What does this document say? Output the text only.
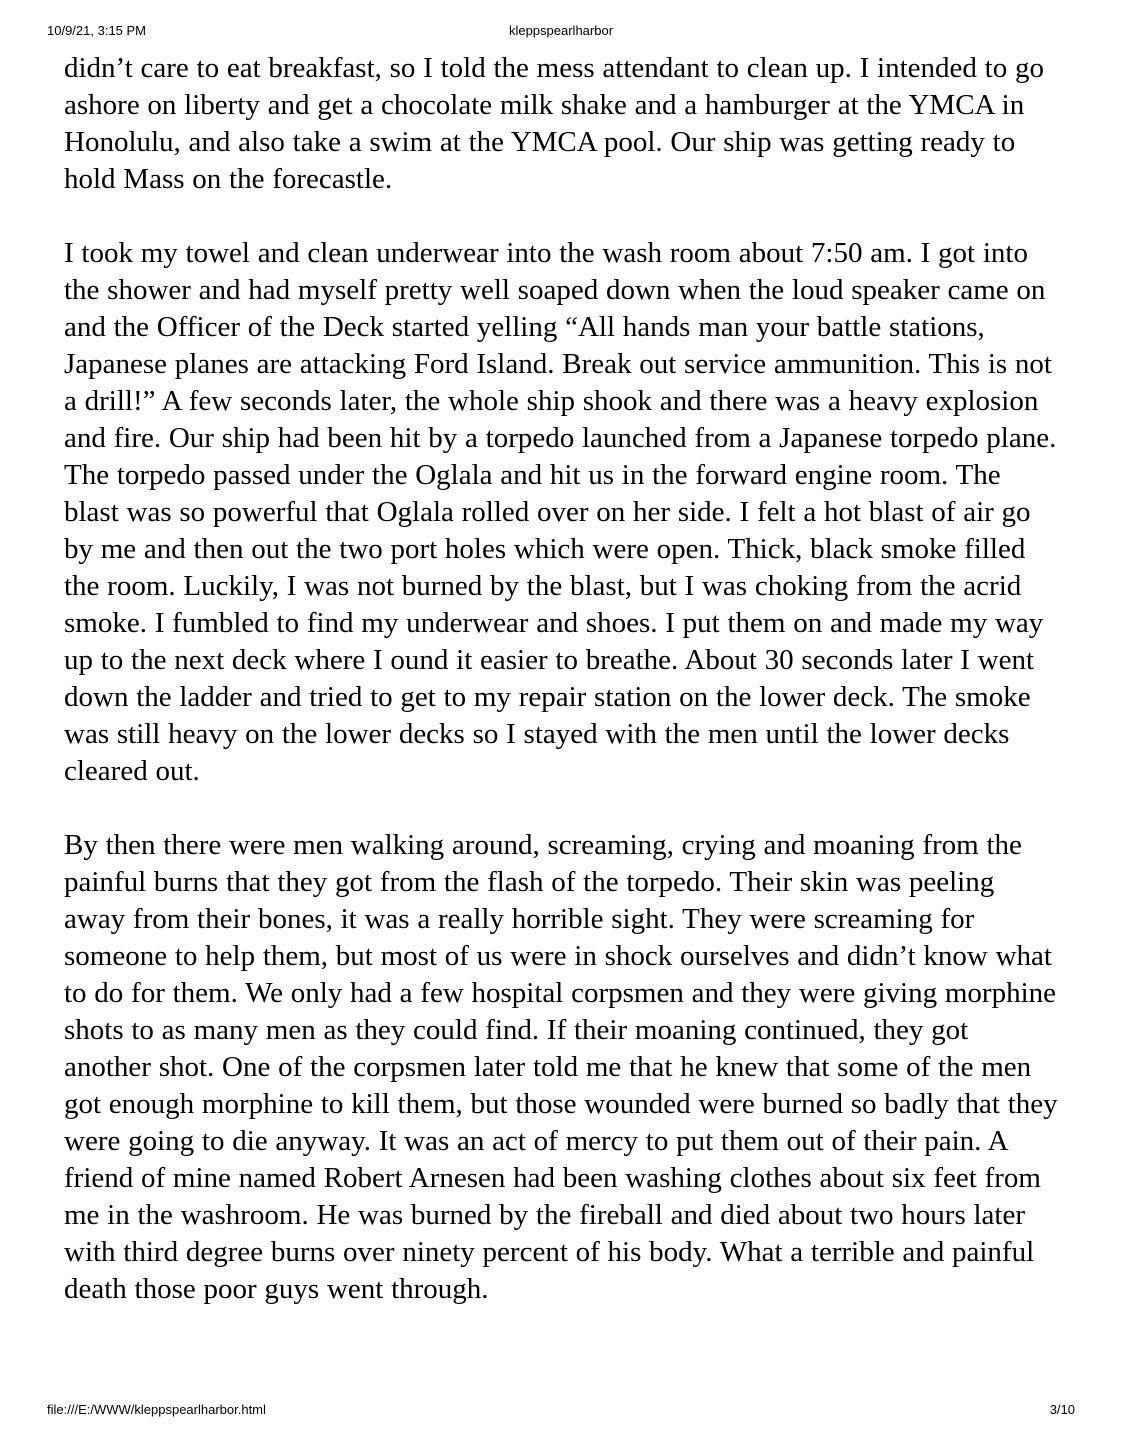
10/9/21, 3:15 PM	kleppspearlharbor

didn’t care to eat breakfast, so I told the mess attendant to clean up. I intended to go ashore on liberty and get a chocolate milk shake and a hamburger at the YMCA in Honolulu, and also take a swim at the YMCA pool. Our ship was getting ready to hold Mass on the forecastle.

I took my towel and clean underwear into the wash room about 7:50 am. I got into the shower and had myself pretty well soaped down when the loud speaker came on and the Officer of the Deck started yelling “All hands man your battle stations, Japanese planes are attacking Ford Island. Break out service ammunition. This is not a drill!” A few seconds later, the whole ship shook and there was a heavy explosion and fire. Our ship had been hit by a torpedo launched from a Japanese torpedo plane. The torpedo passed under the Oglala and hit us in the forward engine room. The blast was so powerful that Oglala rolled over on her side. I felt a hot blast of air go by me and then out the two port holes which were open. Thick, black smoke filled the room. Luckily, I was not burned by the blast, but I was choking from the acrid smoke. I fumbled to find my underwear and shoes. I put them on and made my way up to the next deck where I ound it easier to breathe. About 30 seconds later I went down the ladder and tried to get to my repair station on the lower deck. The smoke was still heavy on the lower decks so I stayed with the men until the lower decks cleared out.

By then there were men walking around, screaming, crying and moaning from the painful burns that they got from the flash of the torpedo. Their skin was peeling away from their bones, it was a really horrible sight. They were screaming for someone to help them, but most of us were in shock ourselves and didn’t know what to do for them. We only had a few hospital corpsmen and they were giving morphine shots to as many men as they could find. If their moaning continued, they got another shot. One of the corpsmen later told me that he knew that some of the men got enough morphine to kill them, but those wounded were burned so badly that they were going to die anyway. It was an act of mercy to put them out of their pain. A friend of mine named Robert Arnesen had been washing clothes about six feet from me in the washroom. He was burned by the fireball and died about two hours later with third degree burns over ninety percent of his body. What a terrible and painful death those poor guys went through.

file:///E:/WWW/kleppspearlharbor.html	3/10
